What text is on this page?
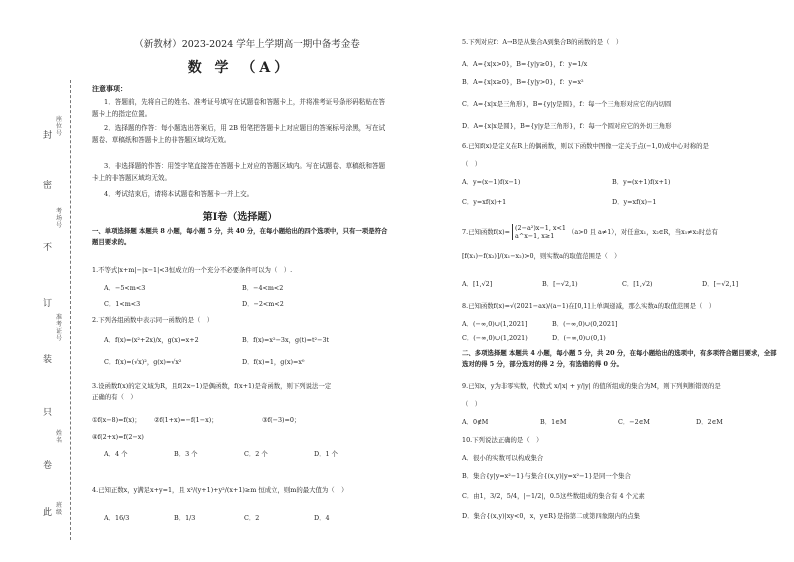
封
密
不
订
装
只
卷
此
座位号
考场号
准考证号
姓名
班级
（新教材）2023-2024 学年上学期高一期中备考金卷
数 学 （A）
注意事项：
1．答题前，先将自己的姓名、准考证号填写在试题卷和答题卡上，并将准考证号条形码粘贴在答题卡上的指定位置。
2．选择题的作答：每小题选出答案后，用 2B 铅笔把答题卡上对应题目的答案标号涂黑，写在试题卷、草稿纸和答题卡上的非答题区域均无效。
3．非选择题的作答：用签字笔直接答在答题卡上对应的答题区域内。写在试题卷、草稿纸和答题卡上的非答题区域均无效。
4．考试结束后，请将本试题卷和答题卡一并上交。
第Ⅰ卷（选择题）
一、单项选择题 本题共 8 小题，每小题 5 分，共 40 分，在每小题给出的四个选项中，只有一项是符合题目要求的。
1.不等式|x+m|−|x−1|<3恒成立的一个充分不必要条件可以为（　）.
A．−5<m<3	B．−4<m<2
C．1<m<3	D．−2<m<2
2.下列各组函数中表示同一函数的是（　）
A．f(x)=(x²+2x)/x，g(x)=x+2	B．f(x)=x²−3x，g(t)=t²−3t
C．f(x)=(√x)²，g(x)=√x²	D．f(x)=1，g(x)=x⁰
3.设函数f(x)的定义域为R，且f(2x−1)是偶函数，f(x+1)是奇函数，则下列说法一定
正确的有（　）
①f(x−8)=f(x)； ②f(1+x)=−f(1−x)；	③f(−3)=0；
④f(2+x)=f(2−x)
A．4 个	B．3 个	C．2 个	D．1 个
4.已知正数x，y满足x+y=1，且 x²/(y+1)+y²/(x+1)≥m 恒成立，则m的最大值为（　）
A．16/3	B．1/3	C．2	D．4
5.下列对应f：A→B是从集合A到集合B的函数的是（　）
A．A={x|x>0}，B={y|y≥0}，f：y=1/x
B．A={x|x≥0}，B={y|y>0}，f：y=x²
C．A={x|x是三角形}，B={y|y是圆}，f：每一个三角形对应它的内切圆
D．A={x|x是圆}，B={y|y是三角形}，f：每一个圆对应它的外切三角形
6.已知f(x)是定义在R上的偶函数，则以下函数中图像一定关于点(−1,0)成中心对称的是
（　）
A．y=(x−1)f(x−1)	B．y=(x+1)f(x+1)
C．y=xf(x)+1	D．y=xf(x)−1
7.已知函数f(x)= (2−a²)x−1, x<1
a^x−1, x≥1	（a>0 且 a≠1），对任意x₁，x₂∈R，当x₁≠x₂时总有
[f(x₁)−f(x₂)]/(x₁−x₂)>0，则实数a的取值范围是（　）
A．[1,√2]	B．[−√2,1)	C．[1,√2)	D．[−√2,1]
8.已知函数f(x)=√(2021−ax)/(a−1)在[0,1]上单调递减，那么实数a的取值范围是（　）
A．(−∞,0)∪(1,2021]	B．(−∞,0)∪(0,2021]
C．(−∞,0)∪(1,2021)	D．(−∞,0)∪(0,1)
二、多项选择题 本题共 4 小题，每小题 5 分，共 20 分，在每小题给出的选项中，有多项符合题目要求，全部选对的得 5 分，部分选对的得 2 分，有选错的得 0 分。
9.已知x，y为非零实数，代数式 x/|x| + y/|y| 的值所组成的集合为M，则下列判断错误的是
（　）
A．0∉M	B．1∈M	C．−2∈M	D．2∈M
10.下列说法正确的是（　）
A．很小的实数可以构成集合
B．集合{y|y=x²−1}与集合{(x,y)|y=x²−1}是同一个集合
C．由1，3/2，5/4，|−1/2|，0.5这些数组成的集合有 4 个元素
D．集合{(x,y)|xy<0，x，y∈R}是指第二或第四象限内的点集
